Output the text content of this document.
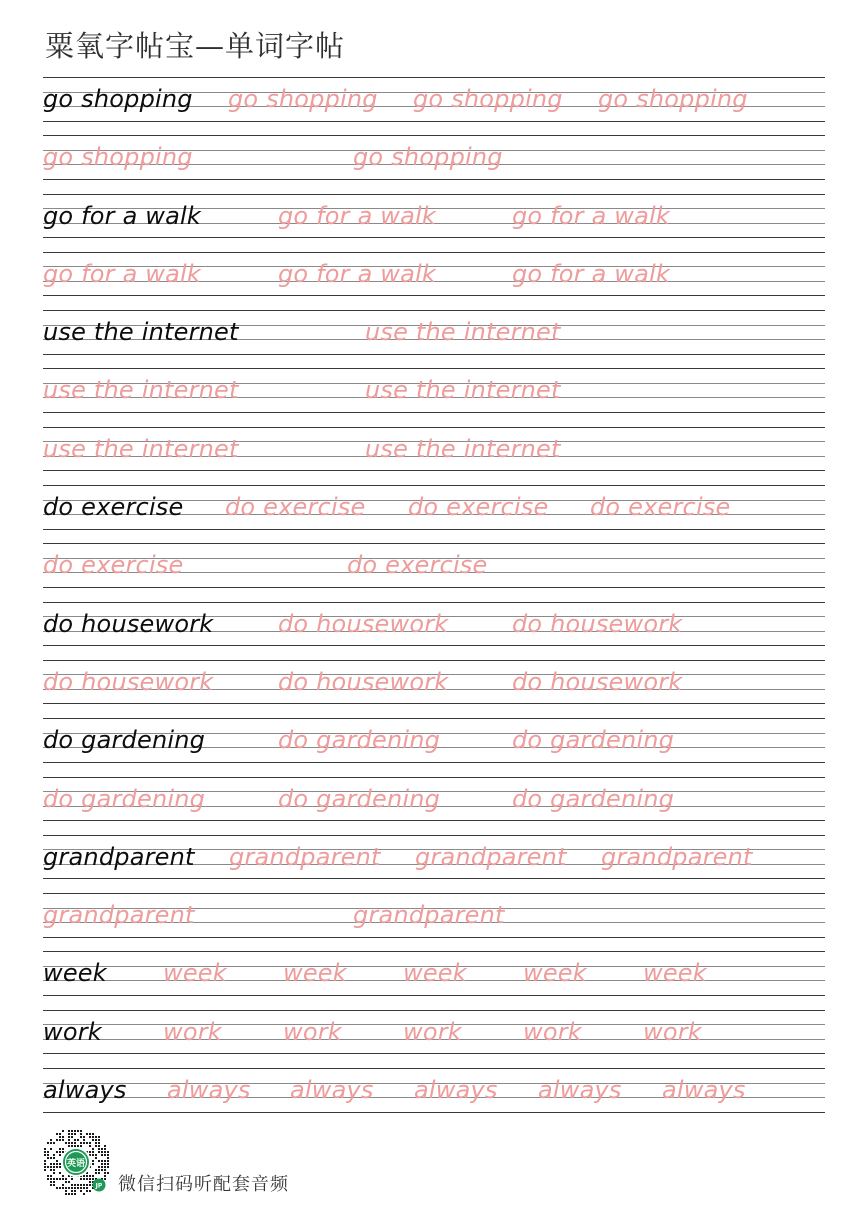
粟氧字帖宝—单词字帖
go shopping go shopping go shopping go shopping
go shopping	go shopping
go for a walk	go for a walk	go for a walk
go for a walk	go for a walk	go for a walk
use the internet	use the internet
use the internet	use the internet
use the internet	use the internet
do exercise do exercise do exercise do exercise
do exercise	do exercise
do housework	do housework	do housework
do housework	do housework	do housework
do gardening	do gardening	do gardening
do gardening	do gardening	do gardening
grandparent grandparent grandparent grandparent
grandparent	grandparent
week week week week week week
work	work	work	work	work	work
always always always always always always
英语
JP 微信扫码听配套音频
